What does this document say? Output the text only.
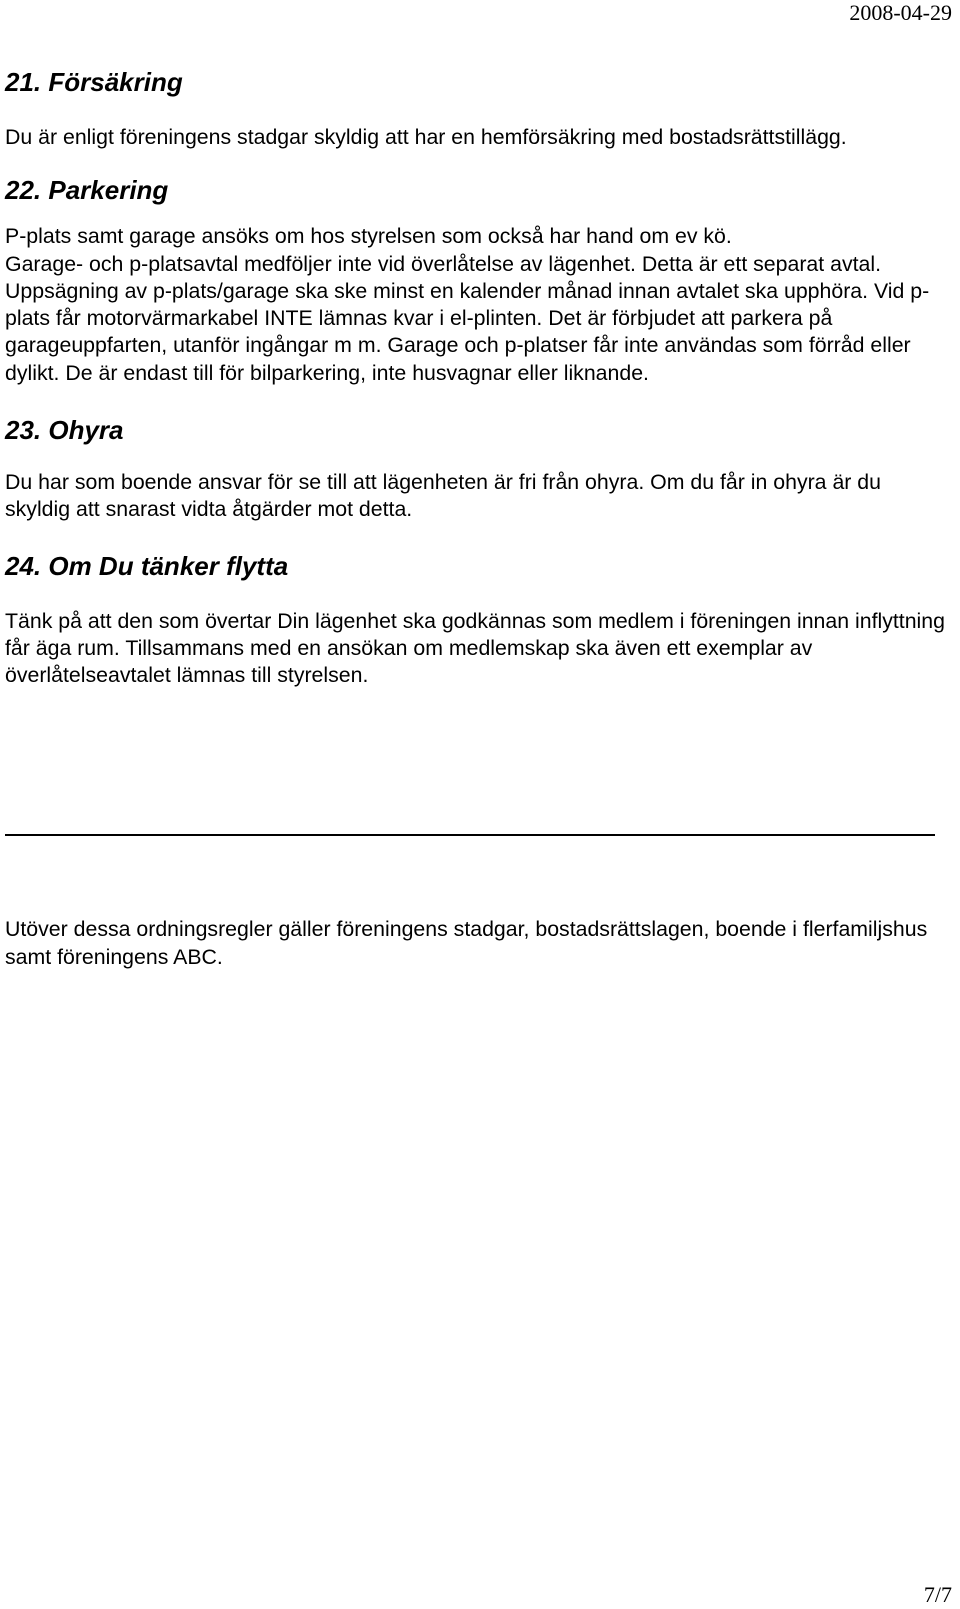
2008-04-29
21. Försäkring

Du är enligt föreningens stadgar skyldig att har en hemförsäkring med bostadsrättstillägg.

22. Parkering
P-plats samt garage ansöks om hos styrelsen som också har hand om ev kö.
Garage- och p-platsavtal medföljer inte vid överlåtelse av lägenhet. Detta är ett separat avtal. Uppsägning av p-plats/garage ska ske minst en kalender månad innan avtalet ska upphöra. Vid p-plats får motorvärmarkabel INTE lämnas kvar i el-plinten. Det är förbjudet att parkera på garageuppfarten, utanför ingångar m m. Garage och p-platser får inte användas som förråd eller dylikt. De är endast till för bilparkering, inte husvagnar eller liknande.
23. Ohyra

Du har som boende ansvar för se till att lägenheten är fri från ohyra. Om du får in ohyra är du skyldig att snarast vidta åtgärder mot detta.

24. Om Du tänker flytta

Tänk på att den som övertar Din lägenhet ska godkännas som medlem i föreningen innan inflyttning får äga rum. Tillsammans med en ansökan om medlemskap ska även ett exemplar av överlåtelseavtalet lämnas till styrelsen.

Utöver dessa ordningsregler gäller föreningens stadgar, bostadsrättslagen, boende i flerfamiljshus samt föreningens ABC.

7/7
